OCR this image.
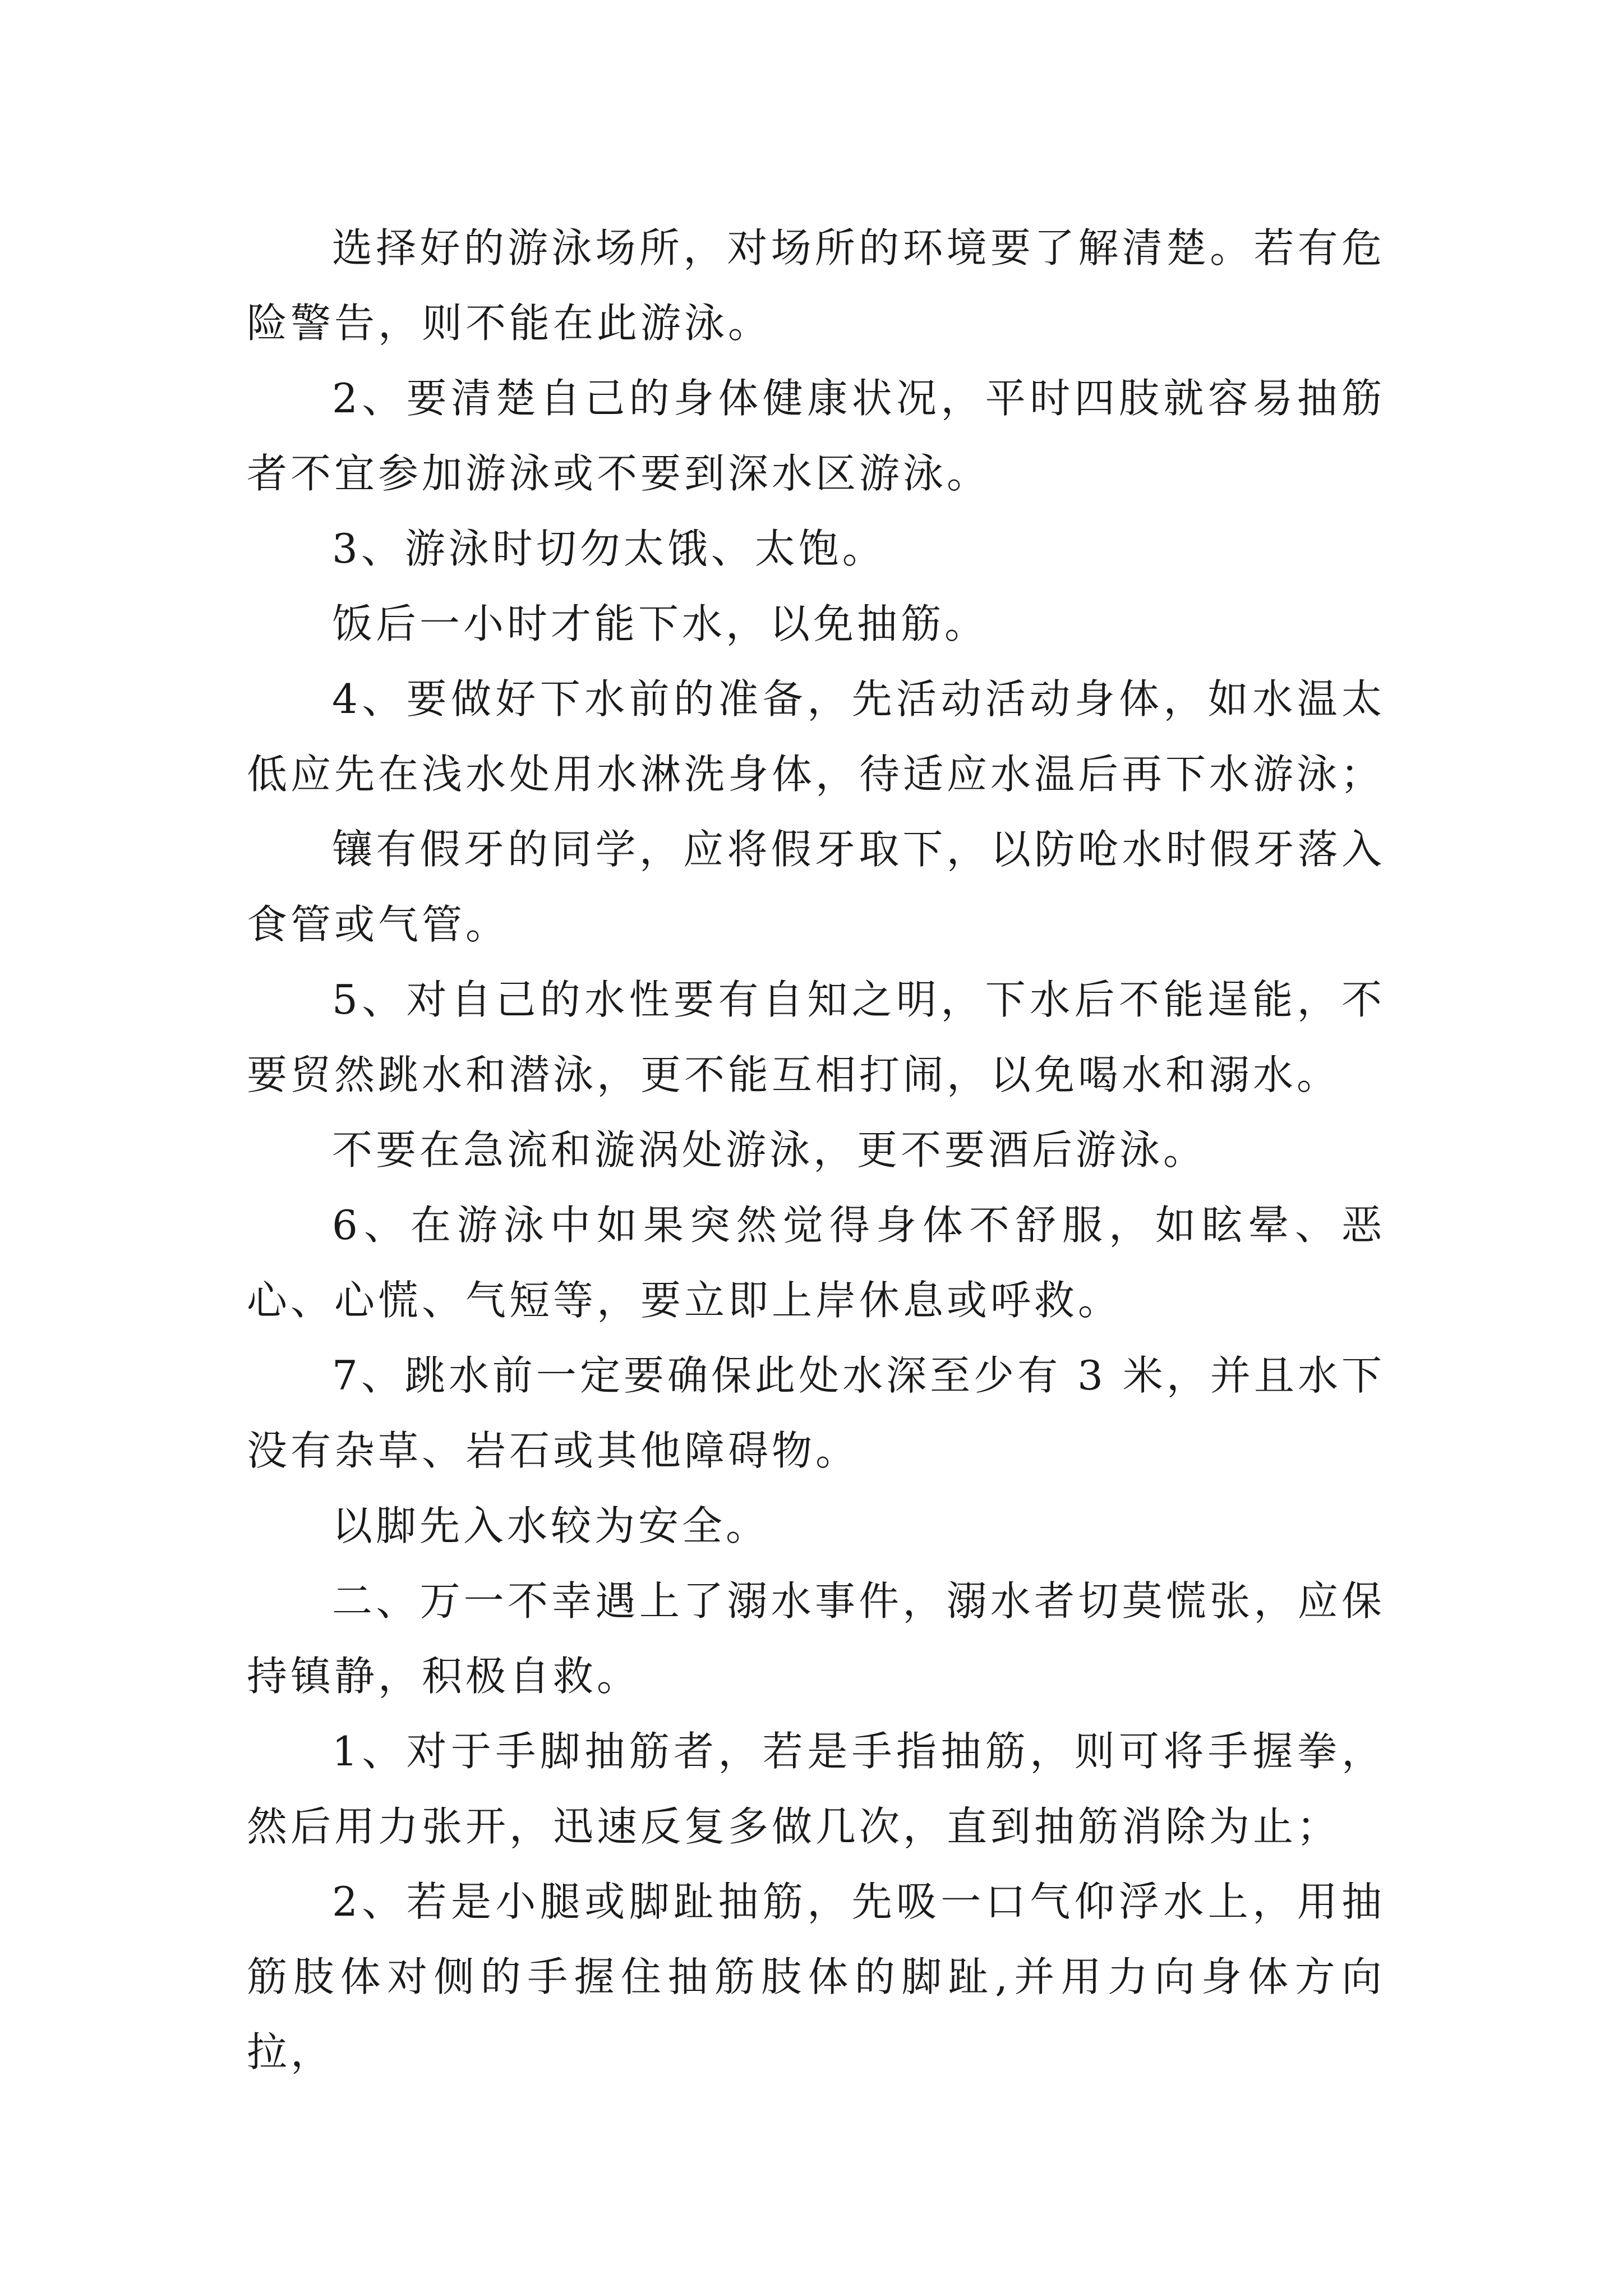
选择好的游泳场所，对场所的环境要了解清楚。若有危险警告，则不能在此游泳。

2、要清楚自己的身体健康状况，平时四肢就容易抽筋者不宜参加游泳或不要到深水区游泳。

3、游泳时切勿太饿、太饱。

饭后一小时才能下水，以免抽筋。

4、要做好下水前的准备，先活动活动身体，如水温太低应先在浅水处用水淋洗身体，待适应水温后再下水游泳；

镶有假牙的同学，应将假牙取下，以防呛水时假牙落入食管或气管。

5、对自己的水性要有自知之明，下水后不能逞能，不要贸然跳水和潜泳，更不能互相打闹，以免喝水和溺水。

不要在急流和漩涡处游泳，更不要酒后游泳。

6、在游泳中如果突然觉得身体不舒服，如眩晕、恶心、心慌、气短等，要立即上岸休息或呼救。

7、跳水前一定要确保此处水深至少有 3 米，并且水下没有杂草、岩石或其他障碍物。

以脚先入水较为安全。

二、万一不幸遇上了溺水事件，溺水者切莫慌张，应保持镇静，积极自救。

1、对于手脚抽筋者，若是手指抽筋，则可将手握拳，然后用力张开，迅速反复多做几次，直到抽筋消除为止；

2、若是小腿或脚趾抽筋，先吸一口气仰浮水上，用抽筋肢体对侧的手握住抽筋肢体的脚趾,并用力向身体方向拉，
